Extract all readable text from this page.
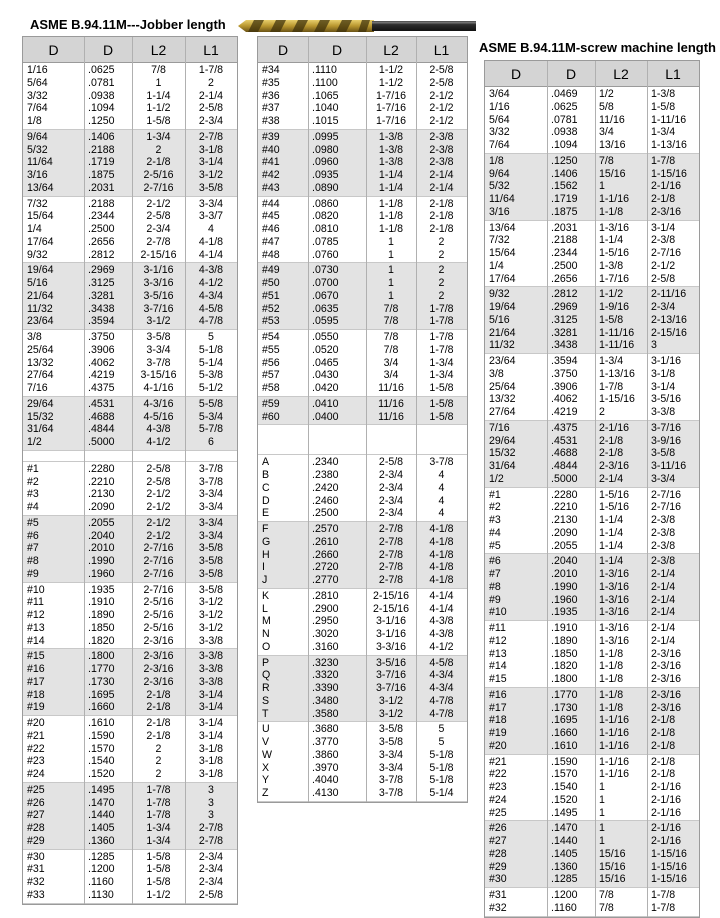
ASME B.94.11M---Jobber length
ASME B.94.11M-screw machine length
D	D	L2	L1
1/16	.0625	7/8	1-7/8
5/64	.0781	1	2
3/32	.0938	1-1/4	2-1/4
7/64	.1094	1-1/2	2-5/8
1/8	.1250	1-5/8	2-3/4
9/64	.1406	1-3/4	2-7/8
5/32	.2188	2	3-1/8
11/64	.1719	2-1/8	3-1/4
3/16	.1875	2-5/16	3-1/2
13/64	.2031	2-7/16	3-5/8
7/32	.2188	2-1/2	3-3/4
15/64	.2344	2-5/8	3-3/7
1/4	.2500	2-3/4	4
17/64	.2656	2-7/8	4-1/8
9/32	.2812	2-15/16	4-1/4
19/64	.2969	3-1/16	4-3/8
5/16	.3125	3-3/16	4-1/2
21/64	.3281	3-5/16	4-3/4
11/32	.3438	3-7/16	4-5/8
23/64	.3594	3-1/2	4-7/8
3/8	.3750	3-5/8	5
25/64	.3906	3-3/4	5-1/8
13/32	.4062	3-7/8	5-1/4
27/64	.4219	3-15/16	5-3/8
7/16	.4375	4-1/16	5-1/2
29/64	.4531	4-3/16	5-5/8
15/32	.4688	4-5/16	5-3/4
31/64	.4844	4-3/8	5-7/8
1/2	.5000	4-1/2	6
#1	.2280	2-5/8	3-7/8
#2	.2210	2-5/8	3-7/8
#3	.2130	2-1/2	3-3/4
#4	.2090	2-1/2	3-3/4
#5	.2055	2-1/2	3-3/4
#6	.2040	2-1/2	3-3/4
#7	.2010	2-7/16	3-5/8
#8	.1990	2-7/16	3-5/8
#9	.1960	2-7/16	3-5/8
#10	.1935	2-7/16	3-5/8
#11	.1910	2-5/16	3-1/2
#12	.1890	2-5/16	3-1/2
#13	.1850	2-5/16	3-1/2
#14	.1820	2-3/16	3-3/8
#15	.1800	2-3/16	3-3/8
#16	.1770	2-3/16	3-3/8
#17	.1730	2-3/16	3-3/8
#18	.1695	2-1/8	3-1/4
#19	.1660	2-1/8	3-1/4
#20	.1610	2-1/8	3-1/4
#21	.1590	2-1/8	3-1/4
#22	.1570	2	3-1/8
#23	.1540	2	3-1/8
#24	.1520	2	3-1/8
#25	.1495	1-7/8	3
#26	.1470	1-7/8	3
#27	.1440	1-7/8	3
#28	.1405	1-3/4	2-7/8
#29	.1360	1-3/4	2-7/8
#30	.1285	1-5/8	2-3/4
#31	.1200	1-5/8	2-3/4
#32	.1160	1-5/8	2-3/4
#33	.1130	1-1/2	2-5/8
D	D	L2	L1
#34	.1110	1-1/2	2-5/8
#35	.1100	1-1/2	2-5/8
#36	.1065	1-7/16	2-1/2
#37	.1040	1-7/16	2-1/2
#38	.1015	1-7/16	2-1/2
#39	.0995	1-3/8	2-3/8
#40	.0980	1-3/8	2-3/8
#41	.0960	1-3/8	2-3/8
#42	.0935	1-1/4	2-1/4
#43	.0890	1-1/4	2-1/4
#44	.0860	1-1/8	2-1/8
#45	.0820	1-1/8	2-1/8
#46	.0810	1-1/8	2-1/8
#47	.0785	1	2
#48	.0760	1	2
#49	.0730	1	2
#50	.0700	1	2
#51	.0670	1	2
#52	.0635	7/8	1-7/8
#53	.0595	7/8	1-7/8
#54	.0550	7/8	1-7/8
#55	.0520	7/8	1-7/8
#56	.0465	3/4	1-3/4
#57	.0430	3/4	1-3/4
#58	.0420	11/16	1-5/8
#59	.0410	11/16	1-5/8
#60	.0400	11/16	1-5/8
A	.2340	2-5/8	3-7/8
B	.2380	2-3/4	4
C	.2420	2-3/4	4
D	.2460	2-3/4	4
E	.2500	2-3/4	4
F	.2570	2-7/8	4-1/8
G	.2610	2-7/8	4-1/8
H	.2660	2-7/8	4-1/8
I	.2720	2-7/8	4-1/8
J	.2770	2-7/8	4-1/8
K	.2810	2-15/16	4-1/4
L	.2900	2-15/16	4-1/4
M	.2950	3-1/16	4-3/8
N	.3020	3-1/16	4-3/8
O	.3160	3-3/16	4-1/2
P	.3230	3-5/16	4-5/8
Q	.3320	3-7/16	4-3/4
R	.3390	3-7/16	4-3/4
S	.3480	3-1/2	4-7/8
T	.3580	3-1/2	4-7/8
U	.3680	3-5/8	5
V	.3770	3-5/8	5
W	.3860	3-3/4	5-1/8
X	.3970	3-3/4	5-1/8
Y	.4040	3-7/8	5-1/8
Z	.4130	3-7/8	5-1/4
D	D	L2	L1
3/64	.0469	1/2	1-3/8
1/16	.0625	5/8	1-5/8
5/64	.0781	11/16	1-11/16
3/32	.0938	3/4	1-3/4
7/64	.1094	13/16	1-13/16
1/8	.1250	7/8	1-7/8
9/64	.1406	15/16	1-15/16
5/32	.1562	1	2-1/16
11/64	.1719	1-1/16	2-1/8
3/16	.1875	1-1/8	2-3/16
13/64	.2031	1-3/16	3-1/4
7/32	.2188	1-1/4	2-3/8
15/64	.2344	1-5/16	2-7/16
1/4	.2500	1-3/8	2-1/2
17/64	.2656	1-7/16	2-5/8
9/32	.2812	1-1/2	2-11/16
19/64	.2969	1-9/16	2-3/4
5/16	.3125	1-5/8	2-13/16
21/64	.3281	1-11/16	2-15/16
11/32	.3438	1-11/16	3
23/64	.3594	1-3/4	3-1/16
3/8	.3750	1-13/16	3-1/8
25/64	.3906	1-7/8	3-1/4
13/32	.4062	1-15/16	3-5/16
27/64	.4219	2	3-3/8
7/16	.4375	2-1/16	3-7/16
29/64	.4531	2-1/8	3-9/16
15/32	.4688	2-1/8	3-5/8
31/64	.4844	2-3/16	3-11/16
1/2	.5000	2-1/4	3-3/4
#1	.2280	1-5/16	2-7/16
#2	.2210	1-5/16	2-7/16
#3	.2130	1-1/4	2-3/8
#4	.2090	1-1/4	2-3/8
#5	.2055	1-1/4	2-3/8
#6	.2040	1-1/4	2-3/8
#7	.2010	1-3/16	2-1/4
#8	.1990	1-3/16	2-1/4
#9	.1960	1-3/16	2-1/4
#10	.1935	1-3/16	2-1/4
#11	.1910	1-3/16	2-1/4
#12	.1890	1-3/16	2-1/4
#13	.1850	1-1/8	2-3/16
#14	.1820	1-1/8	2-3/16
#15	.1800	1-1/8	2-3/16
#16	.1770	1-1/8	2-3/16
#17	.1730	1-1/8	2-3/16
#18	.1695	1-1/16	2-1/8
#19	.1660	1-1/16	2-1/8
#20	.1610	1-1/16	2-1/8
#21	.1590	1-1/16	2-1/8
#22	.1570	1-1/16	2-1/8
#23	.1540	1	2-1/16
#24	.1520	1	2-1/16
#25	.1495	1	2-1/16
#26	.1470	1	2-1/16
#27	.1440	1	2-1/16
#28	.1405	15/16	1-15/16
#29	.1360	15/16	1-15/16
#30	.1285	15/16	1-15/16
#31	.1200	7/8	1-7/8
#32	.1160	7/8	1-7/8
